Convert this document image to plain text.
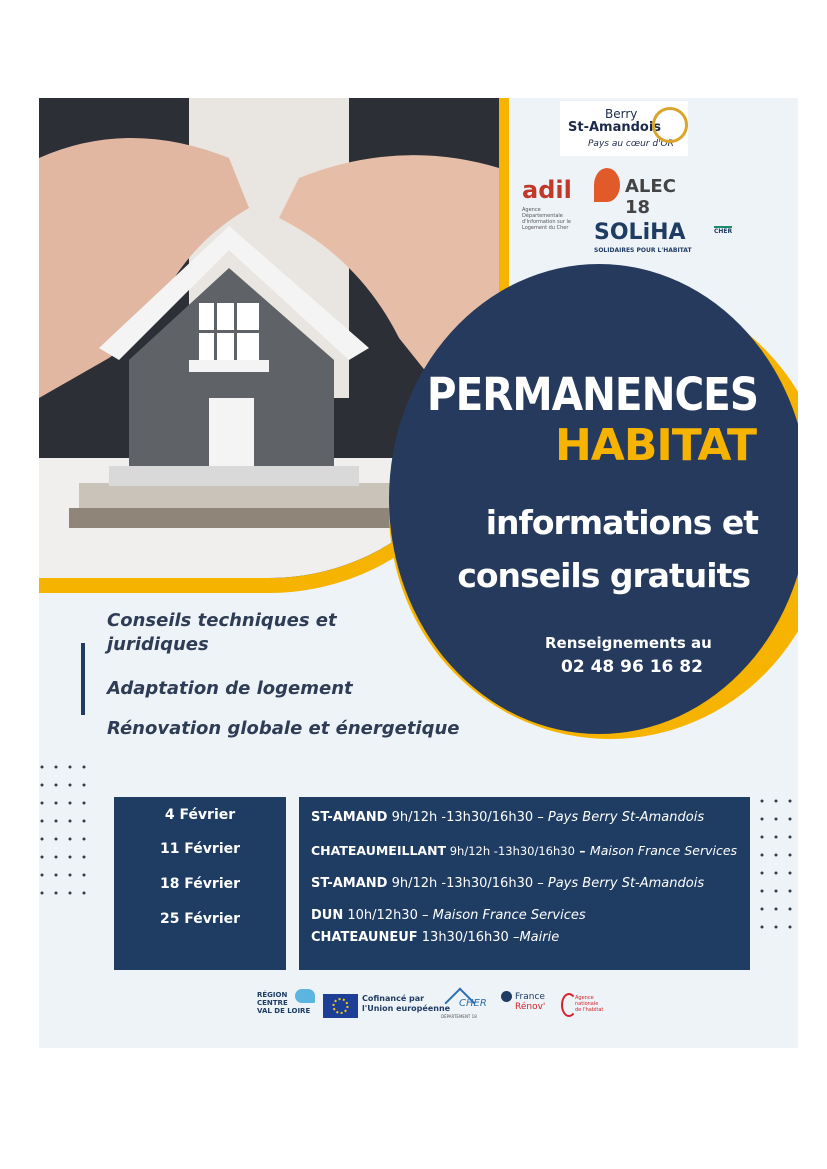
Berry
St-Amandois
Pays au cœur d'OR
adil
Agence Départementale d'Information sur le Logement du Cher
ALEC 18
SOLiHA
SOLIDAIRES POUR L'HABITAT
CHER
PERMANENCES
HABITAT
informations et
conseils gratuits
Renseignements au
02 48 96 16 82
Conseils techniques et
juridiques
Adaptation de logement
Rénovation globale et énergetique
4 Février
11 Février
18 Février
25 Février
ST-AMAND 9h/12h -13h30/16h30 – Pays Berry St-Amandois
CHATEAUMEILLANT 9h/12h -13h30/16h30 – Maison France Services
ST-AMAND 9h/12h -13h30/16h30 – Pays Berry St-Amandois
DUN 10h/12h30 – Maison France Services
CHATEAUNEUF 13h30/16h30 –Mairie
RÉGION
CENTRE
VAL DE LOIRE
Cofinancé par
l'Union européenne CHER
DÉPARTEMENT 18
France
Rénov'
Agence
nationale
de l'habitat
